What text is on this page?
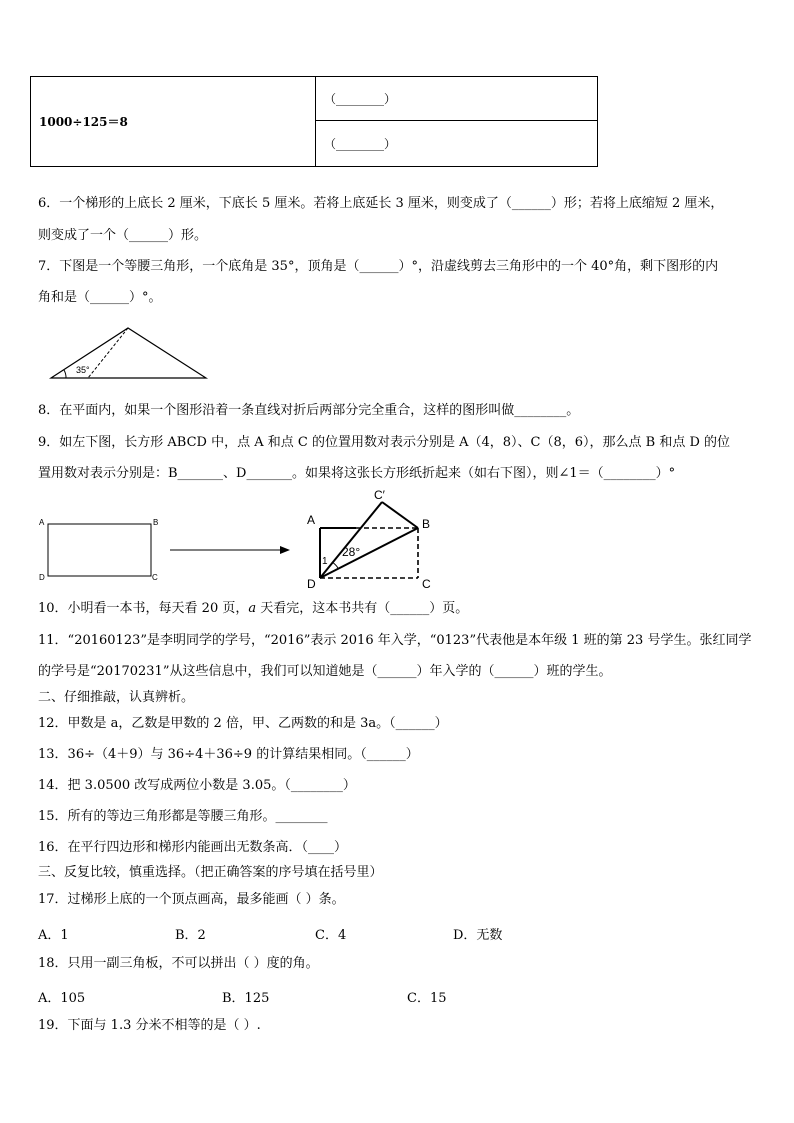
1000÷125＝8	（________）
（________）
6．一个梯形的上底长 2 厘米，下底长 5 厘米。若将上底延长 3 厘米，则变成了（______）形；若将上底缩短 2 厘米，
则变成了一个（______）形。
7．下图是一个等腰三角形，一个底角是 35°，顶角是（______）°，沿虚线剪去三角形中的一个 40°角，剩下图形的内
角和是（______）°。
35°
8．在平面内，如果一个图形沿着一条直线对折后两部分完全重合，这样的图形叫做________。
9．如左下图，长方形 ABCD 中，点 A 和点 C 的位置用数对表示分别是 A（4，8）、C（8，6），那么点 B 和点 D 的位
置用数对表示分别是：B_______、D_______。如果将这张长方形纸折起来（如右下图），则∠1＝（________）°
A	B
C
D
A	B
C
D
C′
1
28°
10．小明看一本书，每天看 20 页，𝑎 天看完，这本书共有（______）页。
11．“20160123”是李明同学的学号，“2016”表示 2016 年入学，“0123”代表他是本年级 1 班的第 23 号学生。张红同学
的学号是“20170231”从这些信息中，我们可以知道她是（______）年入学的（______）班的学生。
二、仔细推敲，认真辨析。
12．甲数是 a，乙数是甲数的 2 倍，甲、乙两数的和是 3a。（______）
13．36÷（4＋9）与 36÷4＋36÷9 的计算结果相同。（______）
14．把 3.0500 改写成两位小数是 3.05。（________）
15．所有的等边三角形都是等腰三角形。________
16．在平行四边形和梯形内能画出无数条高．（____）
三、反复比较，慎重选择。（把正确答案的序号填在括号里）
17．过梯形上底的一个顶点画高，最多能画（ ）条。
A．1	B．2	C．4	D．无数
18．只用一副三角板，不可以拼出（ ）度的角。
A．105	B．125	C．15
19．下面与 1.3 分米不相等的是（ ）.
